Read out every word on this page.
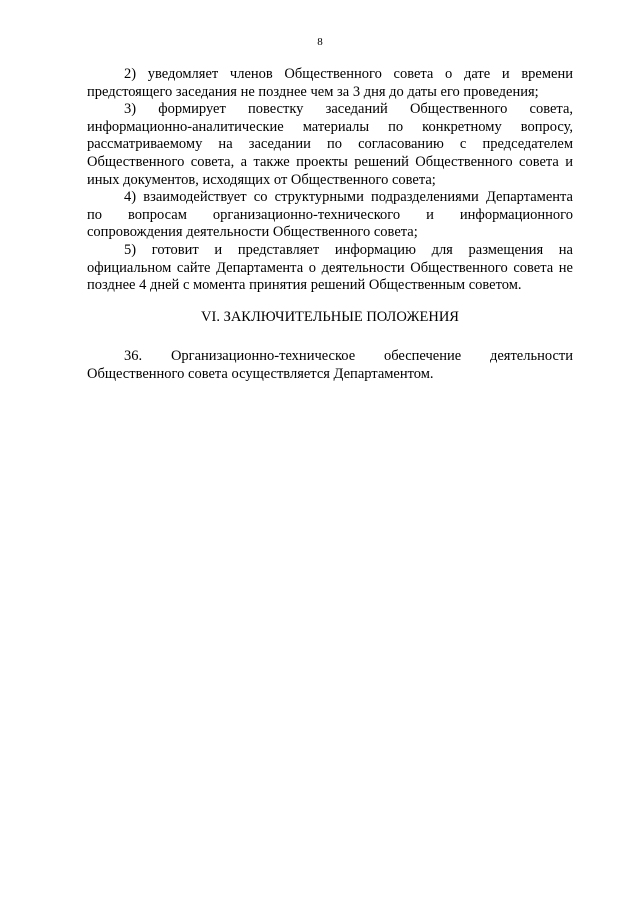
8

2) уведомляет членов Общественного совета о дате и времени предстоящего заседания не позднее чем за 3 дня до даты его проведения;

3) формирует повестку заседаний Общественного совета, информационно-аналитические материалы по конкретному вопросу, рассматриваемому на заседании по согласованию с председателем Общественного совета, а также проекты решений Общественного совета и иных документов, исходящих от Общественного совета;

4) взаимодействует со структурными подразделениями Департамента по вопросам организационно-технического и информационного сопровождения деятельности Общественного совета;

5) готовит и представляет информацию для размещения на официальном сайте Департамента о деятельности Общественного совета не позднее 4 дней с момента принятия решений Общественным советом.

VI. ЗАКЛЮЧИТЕЛЬНЫЕ ПОЛОЖЕНИЯ

36. Организационно-техническое обеспечение деятельности Общественного совета осуществляется Департаментом.
